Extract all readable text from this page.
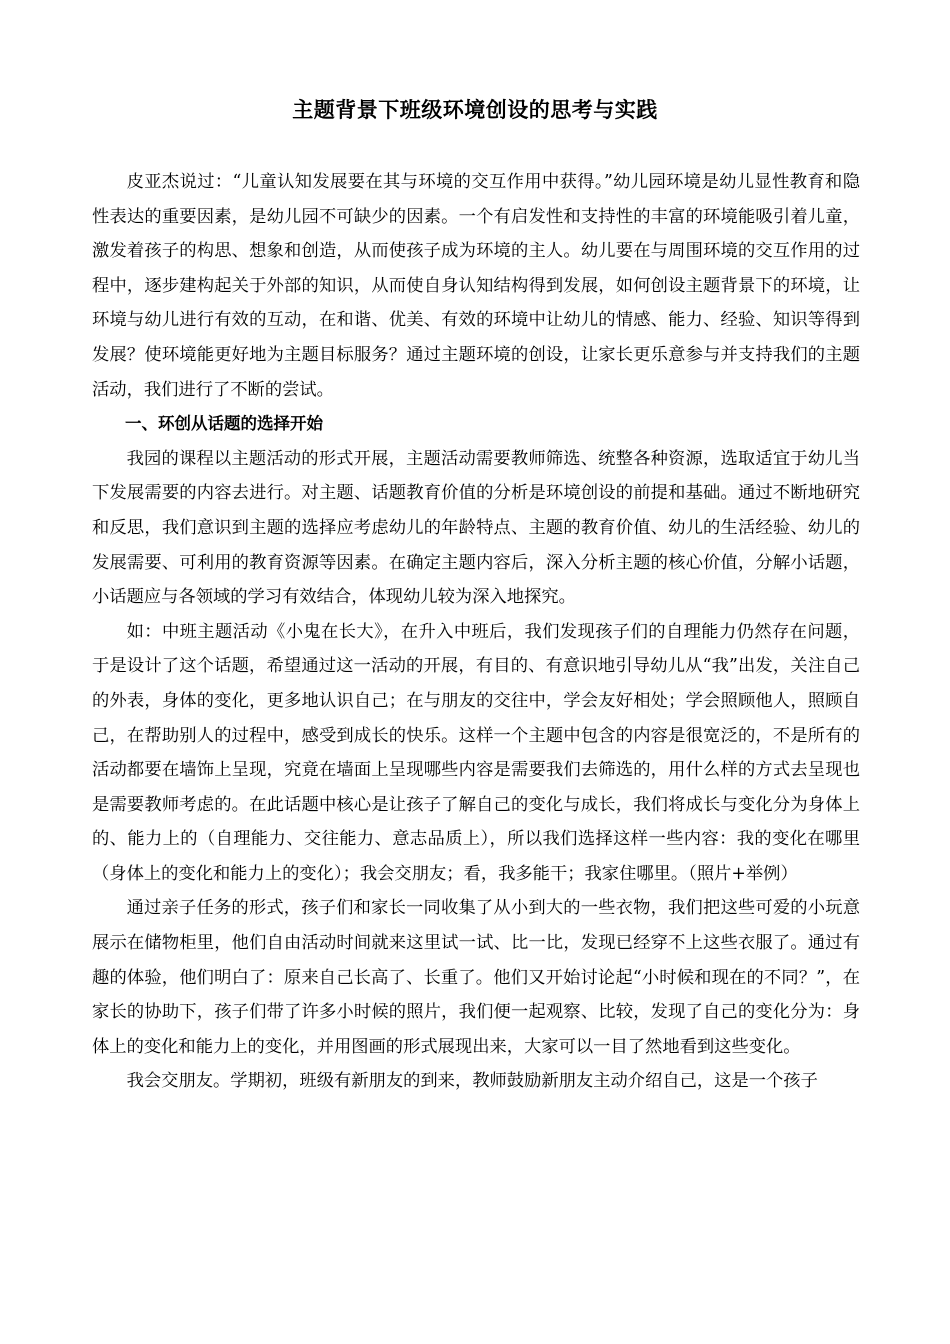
主题背景下班级环境创设的思考与实践

皮亚杰说过：“儿童认知发展要在其与环境的交互作用中获得。”幼儿园环境是幼儿显性教育和隐性表达的重要因素，是幼儿园不可缺少的因素。一个有启发性和支持性的丰富的环境能吸引着儿童，激发着孩子的构思、想象和创造，从而使孩子成为环境的主人。幼儿要在与周围环境的交互作用的过程中，逐步建构起关于外部的知识，从而使自身认知结构得到发展，如何创设主题背景下的环境，让环境与幼儿进行有效的互动，在和谐、优美、有效的环境中让幼儿的情感、能力、经验、知识等得到发展？使环境能更好地为主题目标服务？通过主题环境的创设，让家长更乐意参与并支持我们的主题活动，我们进行了不断的尝试。

一、环创从话题的选择开始

我园的课程以主题活动的形式开展，主题活动需要教师筛选、统整各种资源，选取适宜于幼儿当下发展需要的内容去进行。对主题、话题教育价值的分析是环境创设的前提和基础。通过不断地研究和反思，我们意识到主题的选择应考虑幼儿的年龄特点、主题的教育价值、幼儿的生活经验、幼儿的发展需要、可利用的教育资源等因素。在确定主题内容后，深入分析主题的核心价值，分解小话题，小话题应与各领域的学习有效结合，体现幼儿较为深入地探究。

如：中班主题活动《小鬼在长大》，在升入中班后，我们发现孩子们的自理能力仍然存在问题，于是设计了这个话题，希望通过这一活动的开展，有目的、有意识地引导幼儿从“我”出发，关注自己的外表，身体的变化，更多地认识自己；在与朋友的交往中，学会友好相处；学会照顾他人，照顾自己，在帮助别人的过程中，感受到成长的快乐。这样一个主题中包含的内容是很宽泛的，不是所有的活动都要在墙饰上呈现，究竟在墙面上呈现哪些内容是需要我们去筛选的，用什么样的方式去呈现也是需要教师考虑的。在此话题中核心是让孩子了解自己的变化与成长，我们将成长与变化分为身体上的、能力上的（自理能力、交往能力、意志品质上），所以我们选择这样一些内容：我的变化在哪里（身体上的变化和能力上的变化）；我会交朋友；看，我多能干；我家住哪里。（照片+举例）

通过亲子任务的形式，孩子们和家长一同收集了从小到大的一些衣物，我们把这些可爱的小玩意展示在储物柜里，他们自由活动时间就来这里试一试、比一比，发现已经穿不上这些衣服了。通过有趣的体验，他们明白了：原来自己长高了、长重了。他们又开始讨论起“小时候和现在的不同？”，在家长的协助下，孩子们带了许多小时候的照片，我们便一起观察、比较，发现了自己的变化分为：身体上的变化和能力上的变化，并用图画的形式展现出来，大家可以一目了然地看到这些变化。

我会交朋友。学期初，班级有新朋友的到来，教师鼓励新朋友主动介绍自己，这是一个孩子
